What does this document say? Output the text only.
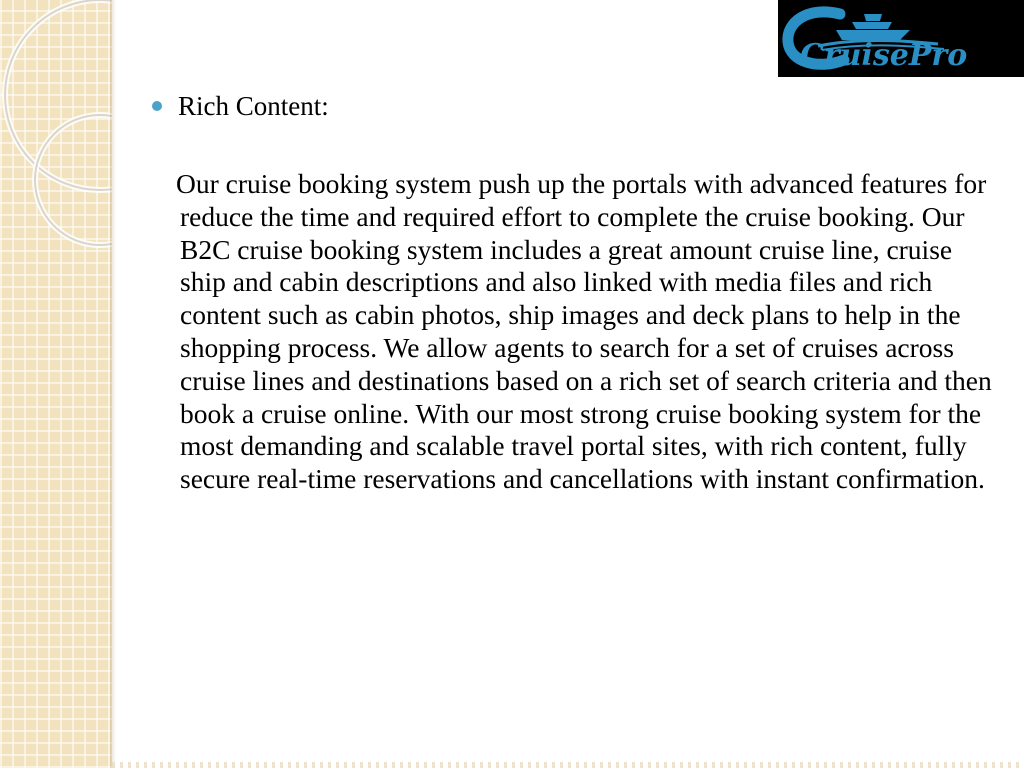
CruisePro
Rich Content:
Our cruise booking system push up the portals with advanced features for reduce the time and required effort to complete the cruise booking. Our B2C cruise booking system includes a great amount cruise line, cruise ship and cabin descriptions and also linked with media files and rich content such as cabin photos, ship images and deck plans to help in the shopping process. We allow agents to search for a set of cruises across cruise lines and destinations based on a rich set of search criteria and then book a cruise online. With our most strong cruise booking system for the most demanding and scalable travel portal sites, with rich content, fully secure real-time reservations and cancellations with instant confirmation.
